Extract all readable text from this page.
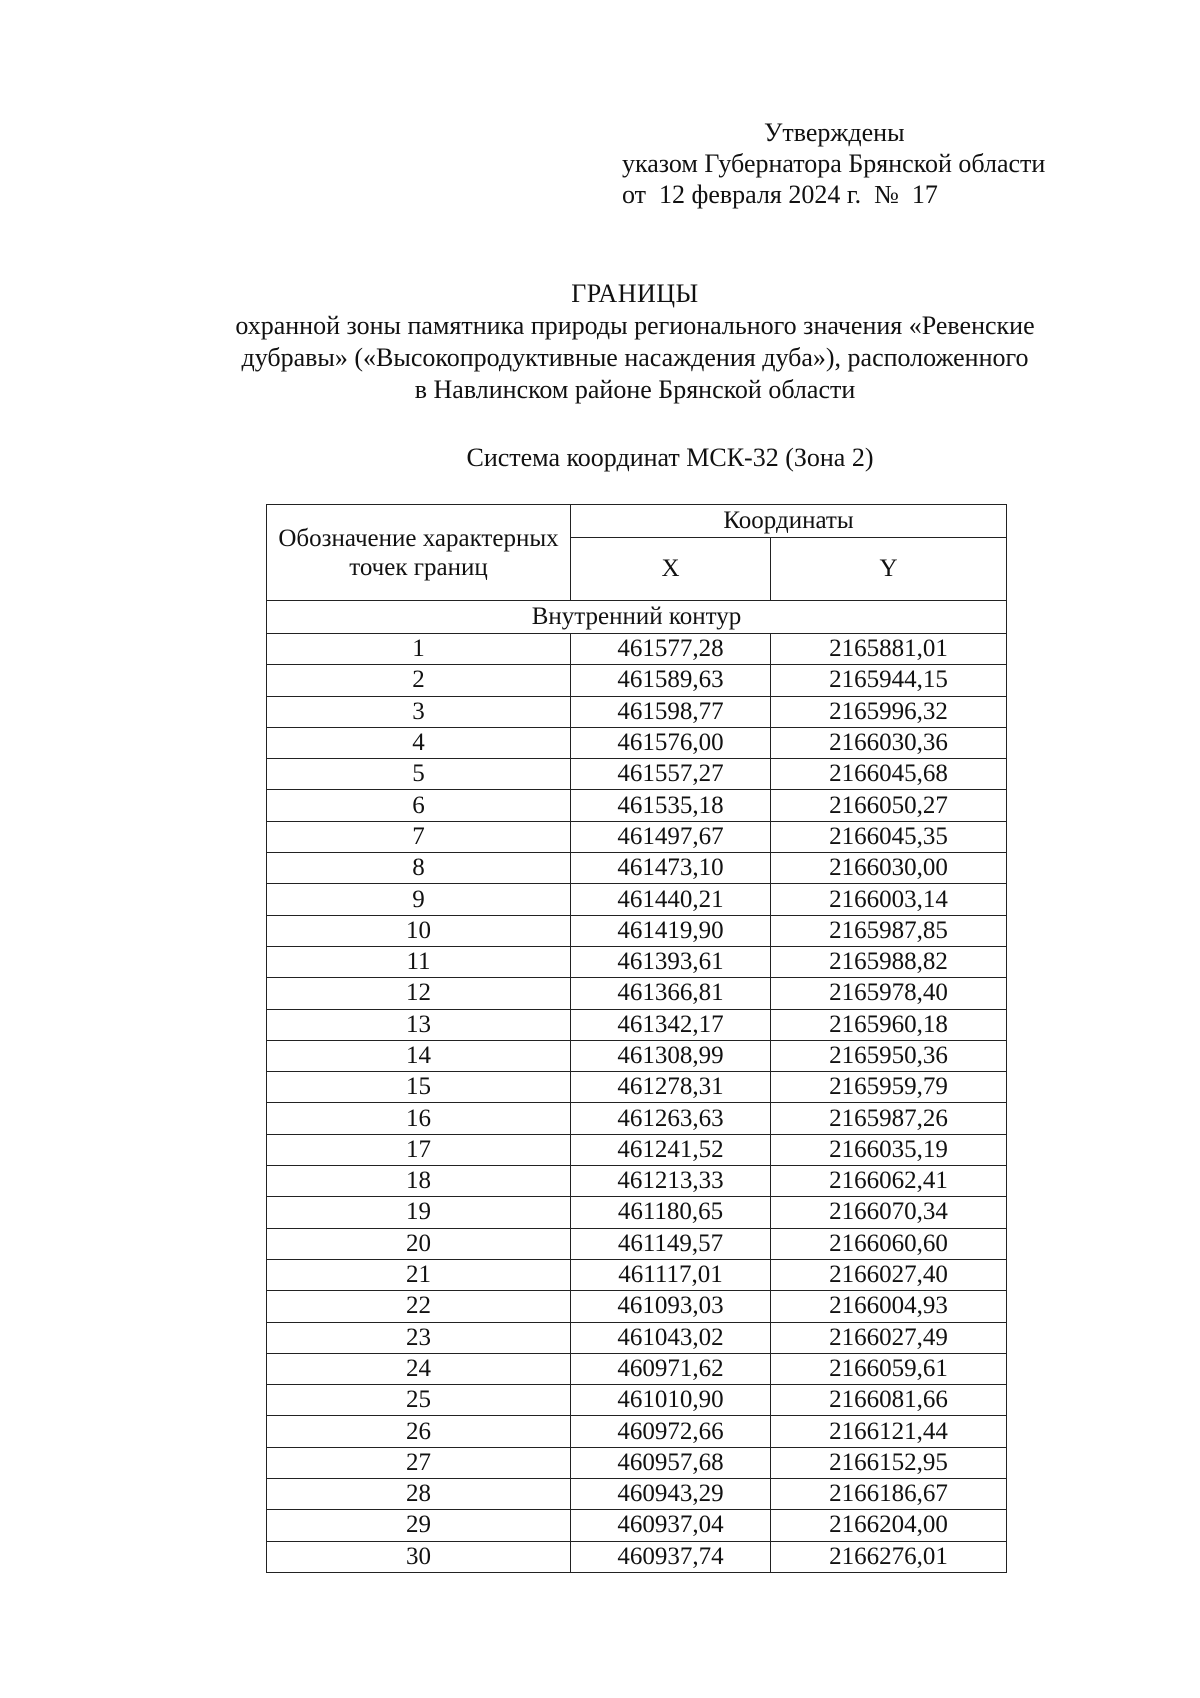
Утверждены
указом Губернатора Брянской области
от  12 февраля 2024 г.  №  17
ГРАНИЦЫ
охранной зоны памятника природы регионального значения «Ревенские
дубравы» («Высокопродуктивные насаждения дуба»), расположенного
в Навлинском районе Брянской области
Система координат МСК-32 (Зона 2)
Обозначение характерных точек границ	Координаты	
	X	Y
Внутренний контур		
1	461577,28	2165881,01
2	461589,63	2165944,15
3	461598,77	2165996,32
4	461576,00	2166030,36
5	461557,27	2166045,68
6	461535,18	2166050,27
7	461497,67	2166045,35
8	461473,10	2166030,00
9	461440,21	2166003,14
10	461419,90	2165987,85
11	461393,61	2165988,82
12	461366,81	2165978,40
13	461342,17	2165960,18
14	461308,99	2165950,36
15	461278,31	2165959,79
16	461263,63	2165987,26
17	461241,52	2166035,19
18	461213,33	2166062,41
19	461180,65	2166070,34
20	461149,57	2166060,60
21	461117,01	2166027,40
22	461093,03	2166004,93
23	461043,02	2166027,49
24	460971,62	2166059,61
25	461010,90	2166081,66
26	460972,66	2166121,44
27	460957,68	2166152,95
28	460943,29	2166186,67
29	460937,04	2166204,00
30	460937,74	2166276,01
